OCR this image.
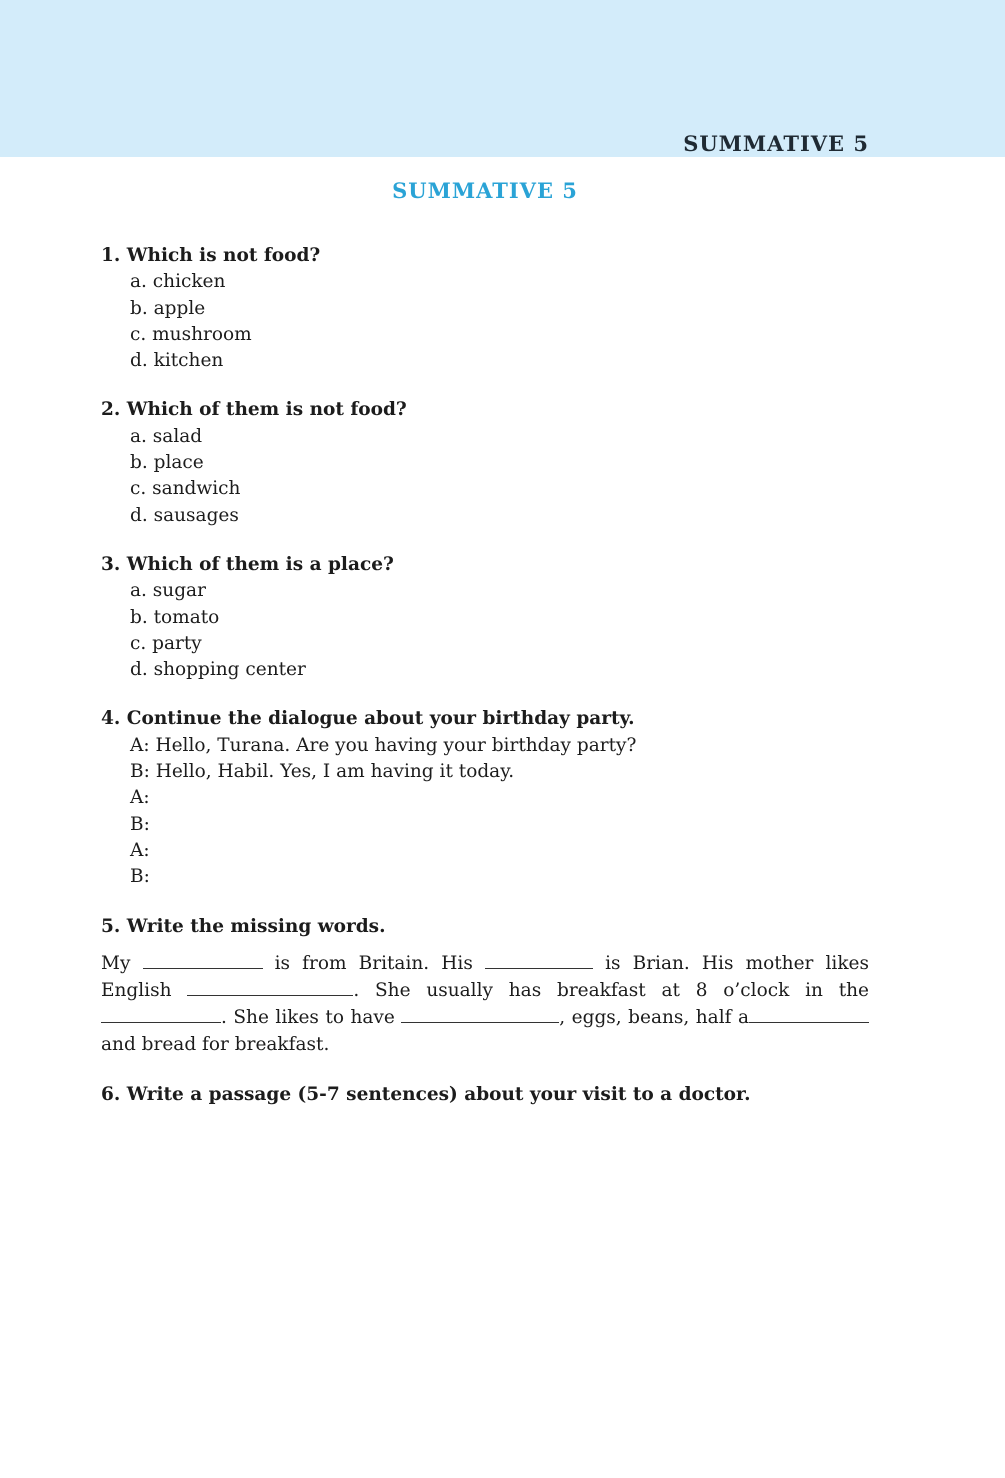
SUMMATIVE 5
SUMMATIVE 5

1. Which is not food?

a. chicken

b. apple

c. mushroom

d. kitchen

2. Which of them is not food?

a. salad

b. place

c. sandwich

d. sausages

3. Which of them is a place?

a. sugar

b. tomato

c. party

d. shopping center

4. Continue the dialogue about your birthday party.

A: Hello, Turana. Are you having your birthday party?

B: Hello, Habil. Yes, I am having it today.

A:

B:

A:

B:

5. Write the missing words.

My	is from Britain. His	is Brian. His mother likes English	. She usually has breakfast at 8 o’clock in the . She likes to have	, eggs, beans, half a and bread for breakfast.

6. Write a passage (5-7 sentences) about your visit to a doctor.
